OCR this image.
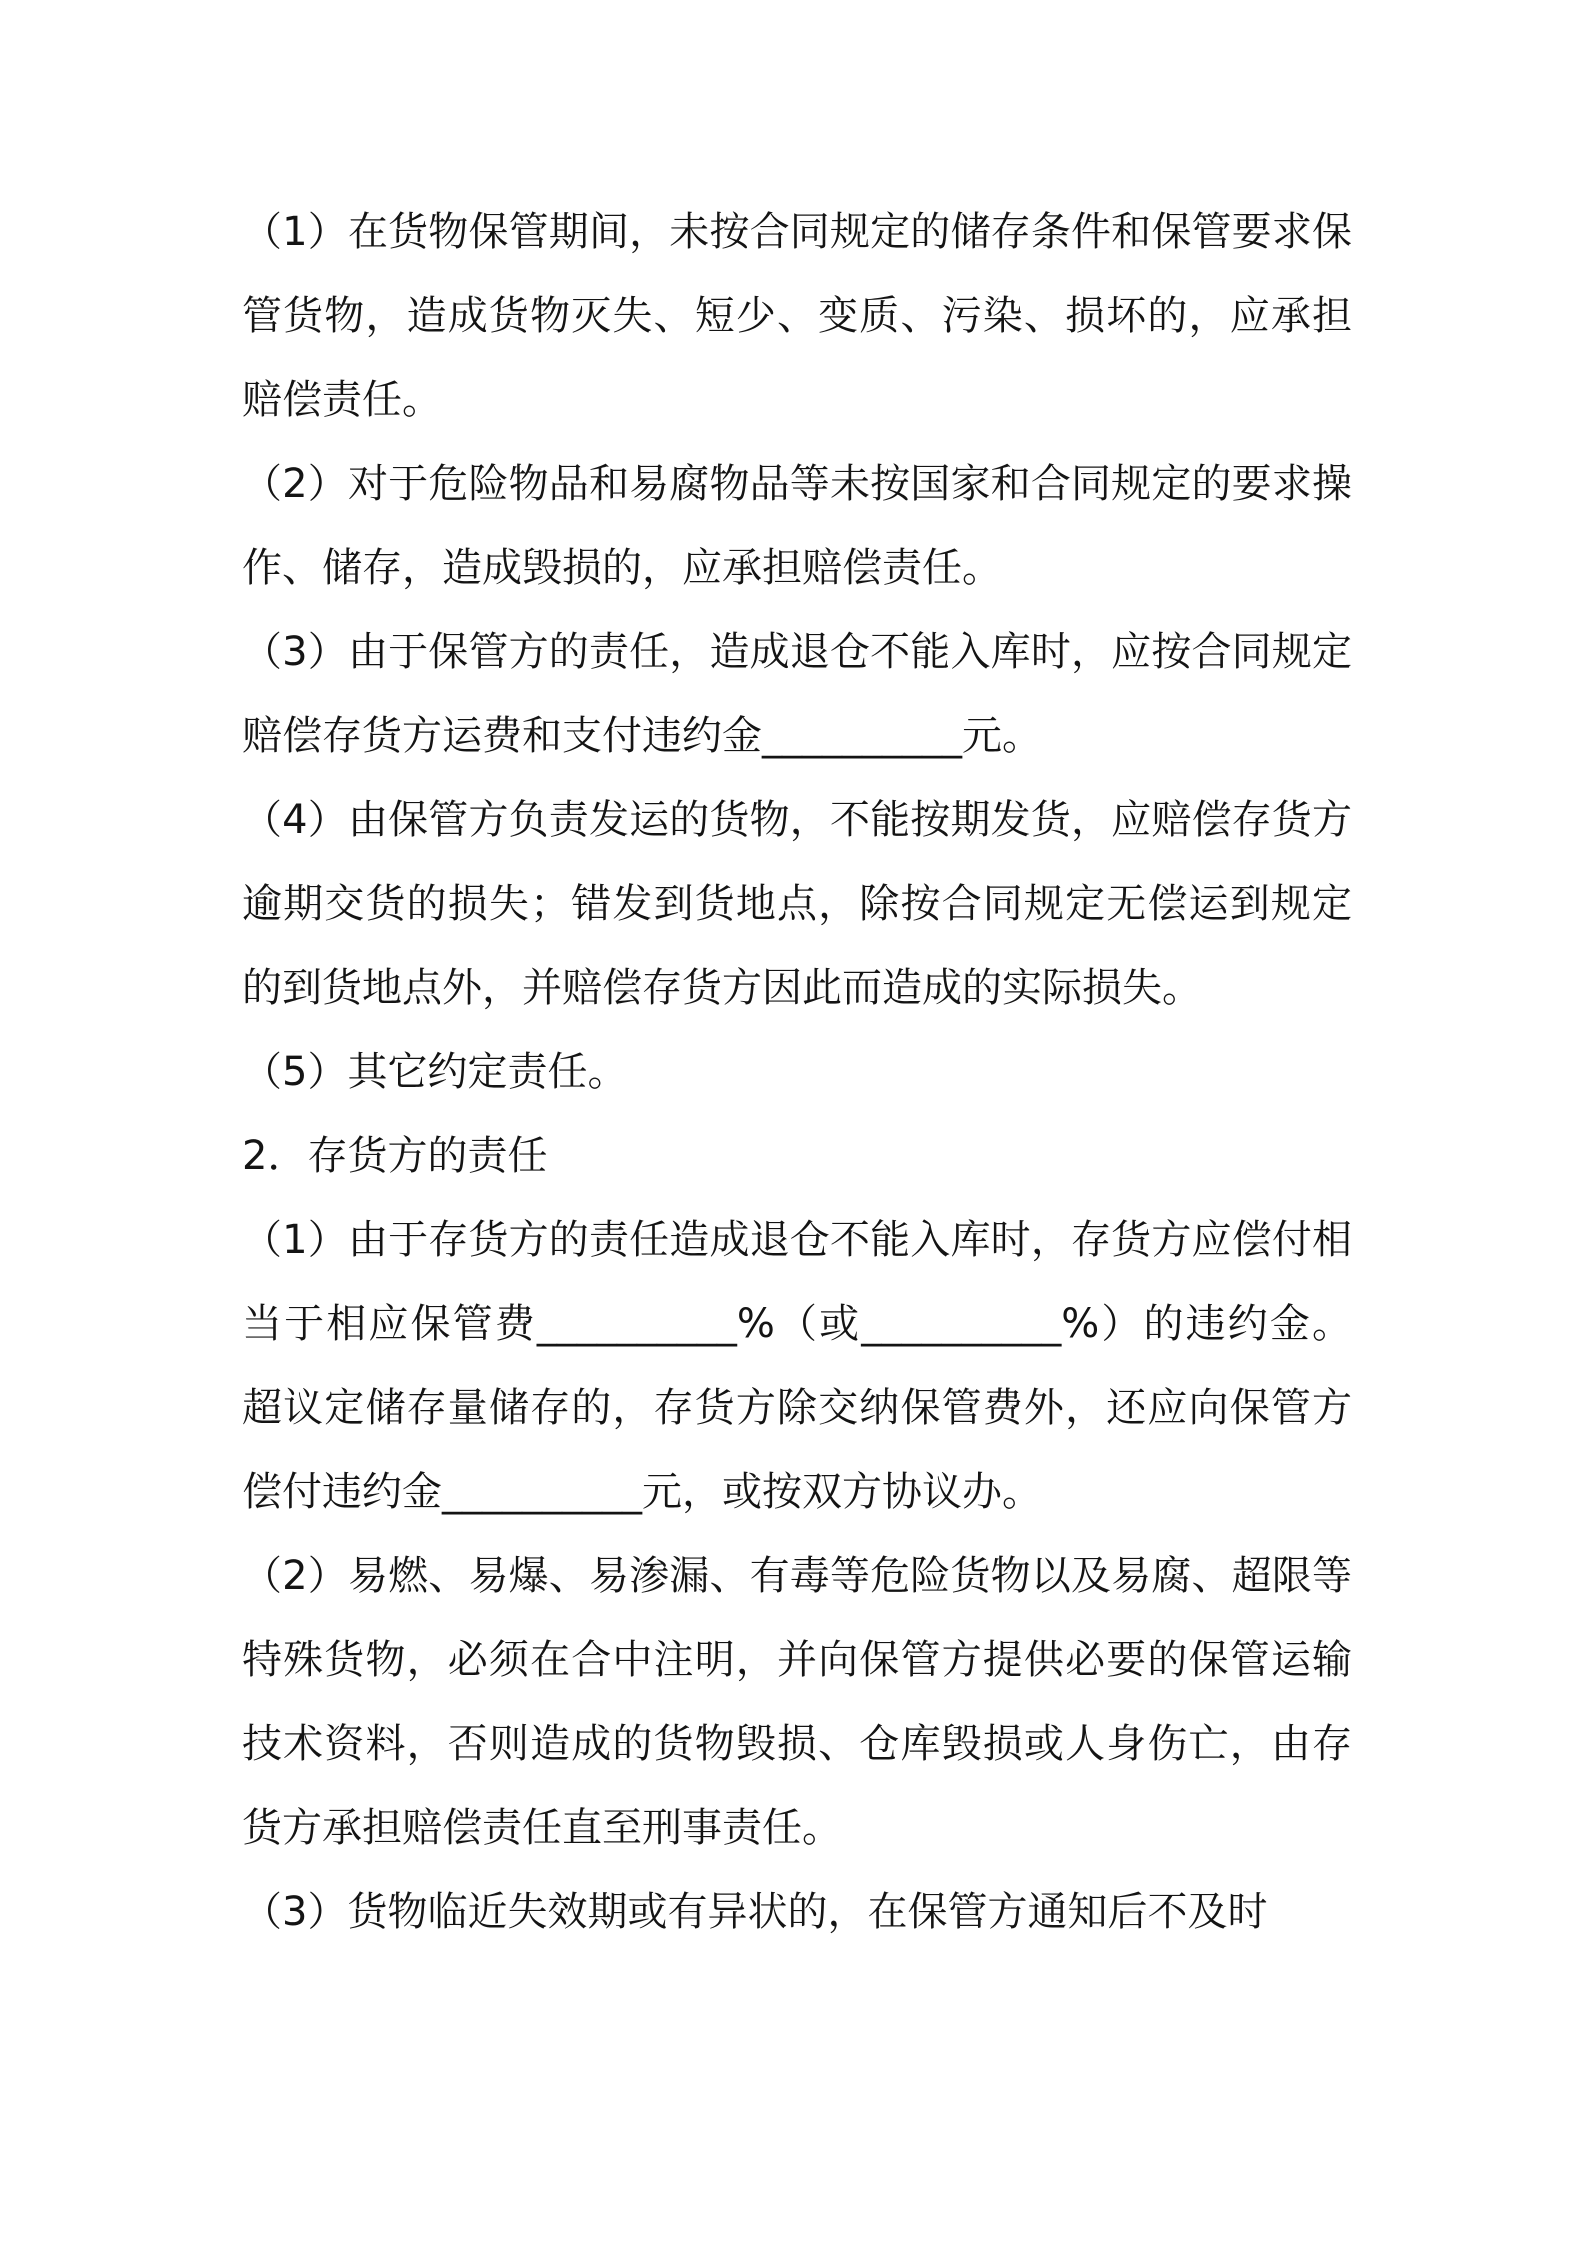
（1）在货物保管期间，未按合同规定的储存条件和保管要求保管货物，造成货物灭失、短少、变质、污染、损坏的，应承担赔偿责任。

（2）对于危险物品和易腐物品等未按国家和合同规定的要求操作、储存，造成毁损的，应承担赔偿责任。

（3）由于保管方的责任，造成退仓不能入库时，应按合同规定赔偿存货方运费和支付违约金__________元。

（4）由保管方负责发运的货物，不能按期发货，应赔偿存货方逾期交货的损失；错发到货地点，除按合同规定无偿运到规定的到货地点外，并赔偿存货方因此而造成的实际损失。

（5）其它约定责任。

2．存货方的责任

（1）由于存货方的责任造成退仓不能入库时，存货方应偿付相当于相应保管费__________%（或__________%）的违约金。超议定储存量储存的，存货方除交纳保管费外，还应向保管方偿付违约金__________元，或按双方协议办。

（2）易燃、易爆、易渗漏、有毒等危险货物以及易腐、超限等特殊货物，必须在合中注明，并向保管方提供必要的保管运输技术资料，否则造成的货物毁损、仓库毁损或人身伤亡，由存货方承担赔偿责任直至刑事责任。

（3）货物临近失效期或有异状的，在保管方通知后不及时
